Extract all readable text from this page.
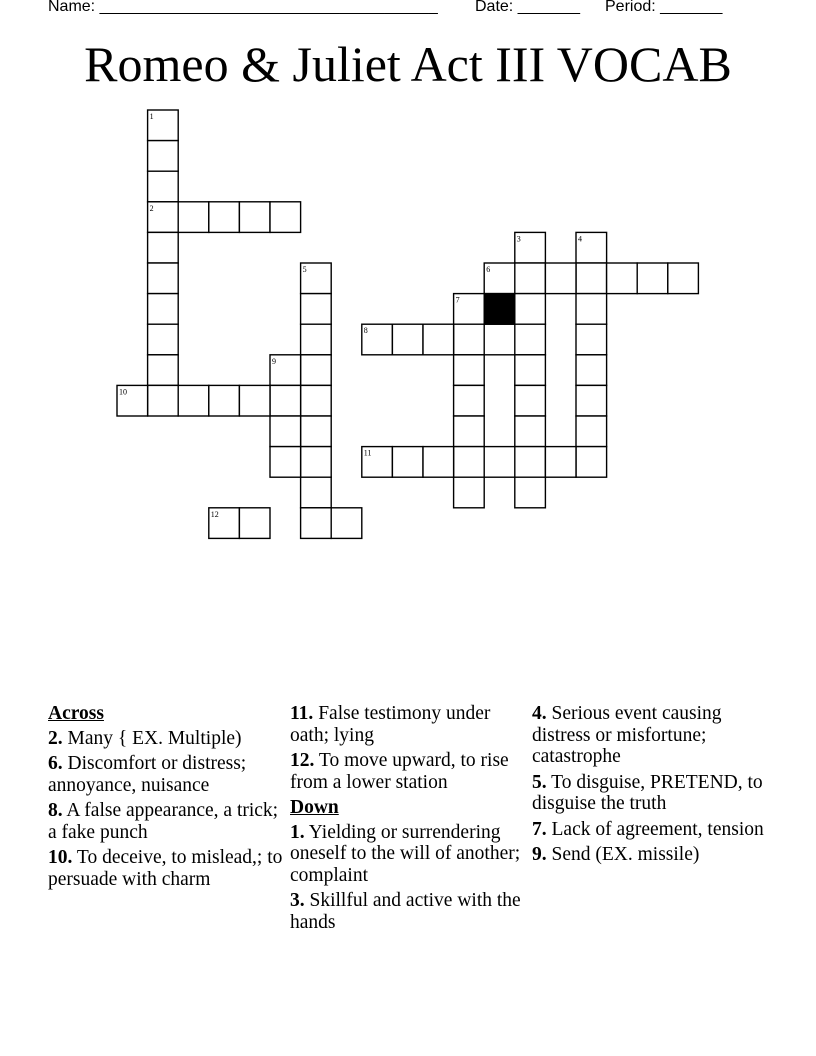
Name: ______________________________________

Date: _______

Period: _______

Romeo & Juliet Act III VOCAB
1
2
3	4
5	6
7
8
9
10
11
12
Across
2. Many { EX. Multiple)
6. Discomfort or distress; annoyance, nuisance
8. A false appearance, a trick; a fake punch
10. To deceive, to mislead,; to persuade with charm
11. False testimony under oath; lying
12. To move upward, to rise from a lower station
Down
1. Yielding or surrendering oneself to the will of another; complaint
3. Skillful and active with the hands
4. Serious event causing distress or misfortune; catastrophe
5. To disguise, PRETEND, to disguise the truth
7. Lack of agreement, tension
9. Send (EX. missile)
